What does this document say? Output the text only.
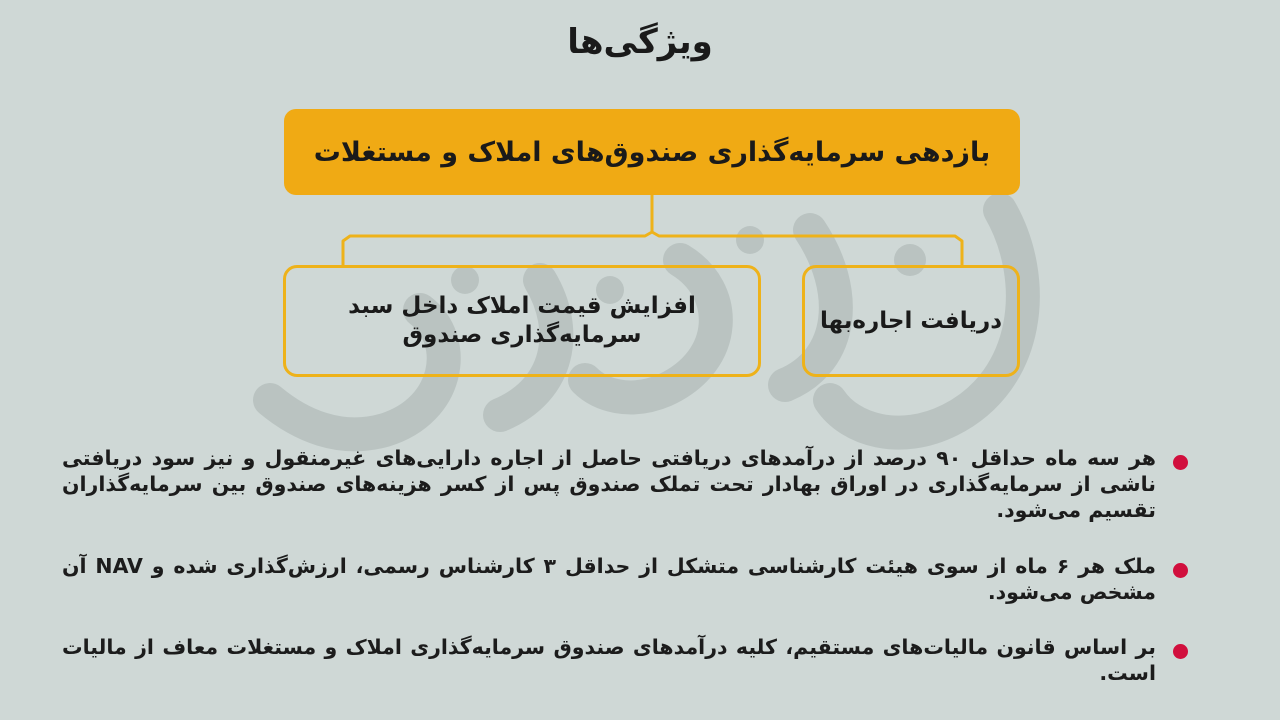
ویژگی‌ها
بازدهی سرمایه‌گذاری صندوق‌های املاک و مستغلات
دریافت اجاره‌بها
افزایش قیمت املاک داخل سبد
سرمایه‌گذاری صندوق
هر سه ماه حداقل ۹۰ درصد از درآمدهای دریافتی حاصل از اجاره دارایی‌های غیرمنقول و نیز سود دریافتی ناشی از سرمایه‌گذاری در اوراق بهادار تحت تملک صندوق پس از کسر هزینه‌های صندوق بین سرمایه‌گذاران تقسیم می‌شود.
ملک هر ۶ ماه از سوی هیئت کارشناسی متشکل از حداقل ۳ کارشناس رسمی، ارزش‌گذاری شده و NAV آن مشخص می‌شود.
بر اساس قانون مالیات‌های مستقیم، کلیه درآمدهای صندوق سرمایه‌گذاری املاک و مستغلات معاف از مالیات است.
